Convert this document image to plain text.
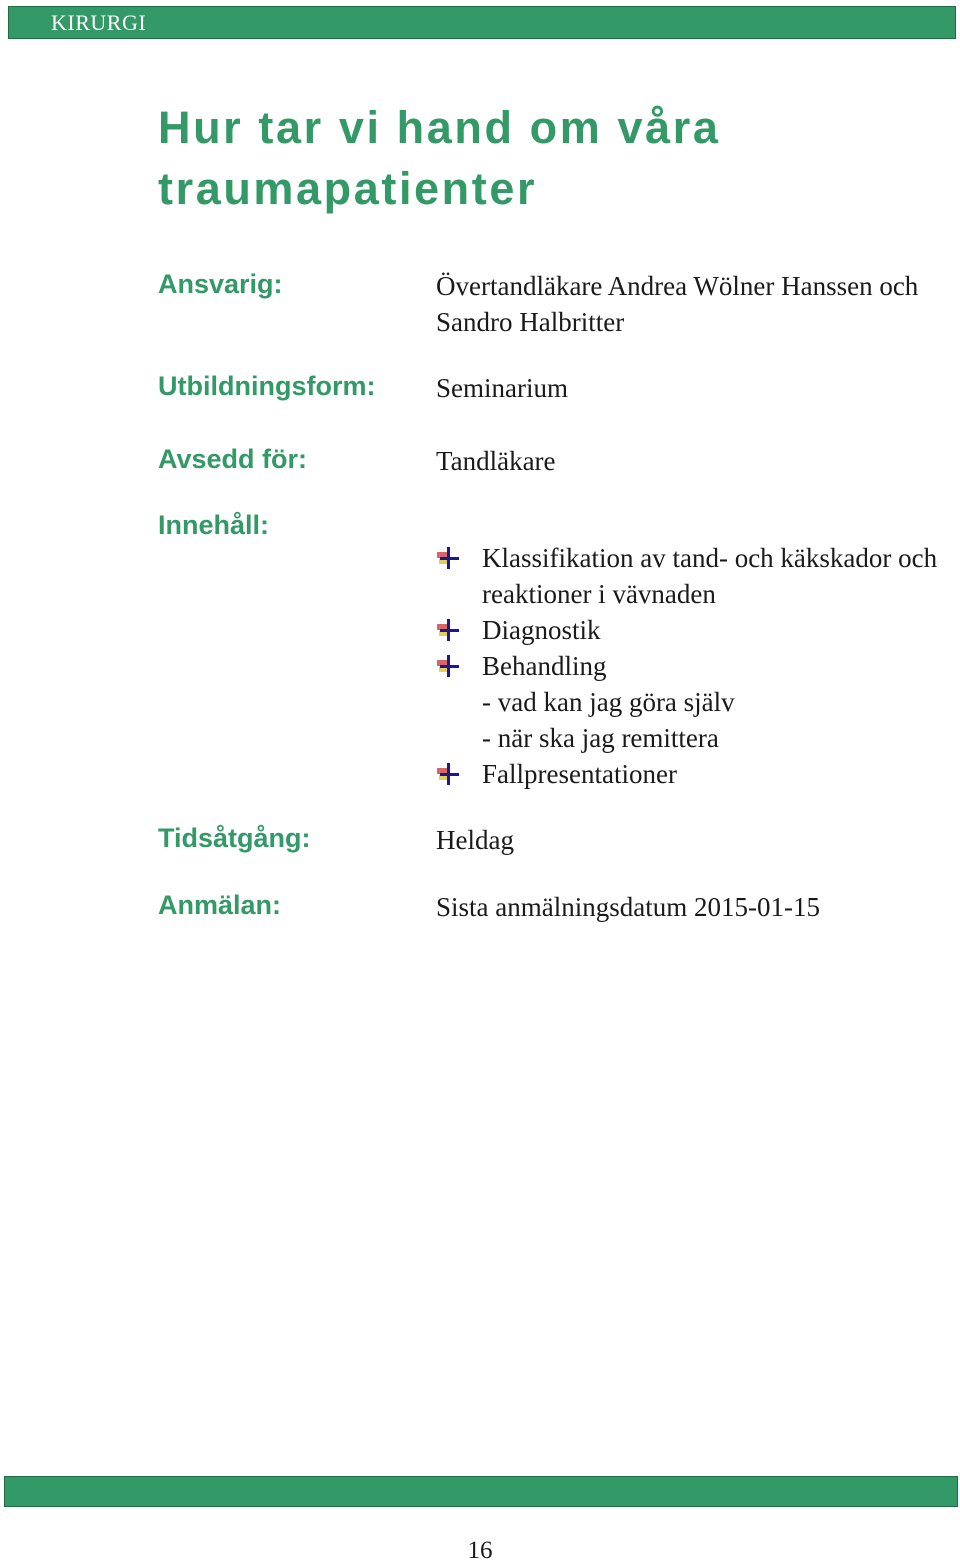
KIRURGI
Hur tar vi hand om våra traumapatienter
Ansvarig:	Övertandläkare Andrea Wölner Hanssen och Sandro Halbritter
Utbildningsform: Seminarium
Avsedd för:	Tandläkare
Innehåll:
Klassifikation av tand- och käkskador och reaktioner i vävnaden
Diagnostik
Behandling
- vad kan jag göra själv
- när ska jag remittera
Fallpresentationer
Tidsåtgång:	Heldag
Anmälan:	Sista anmälningsdatum 2015-01-15
16
